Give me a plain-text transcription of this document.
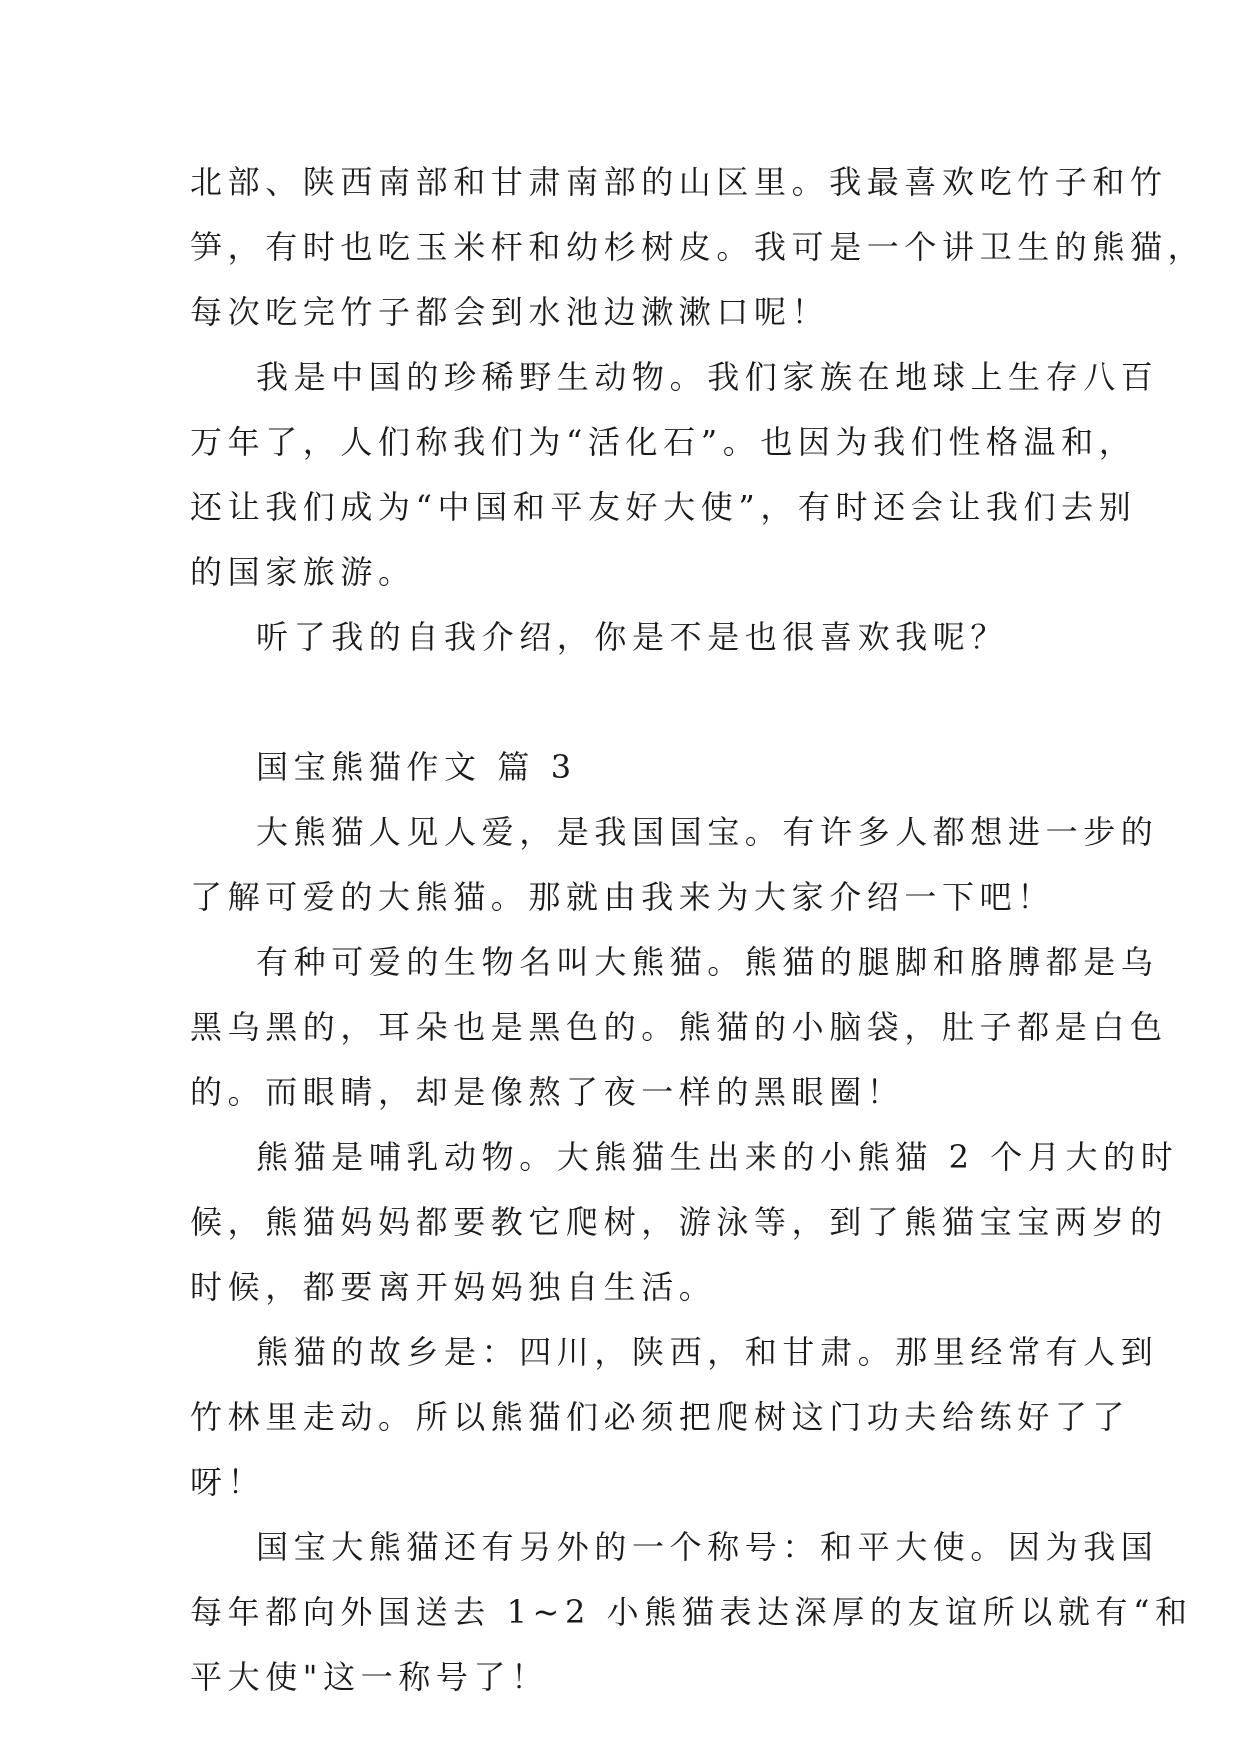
北部、陕西南部和甘肃南部的山区里。我最喜欢吃竹子和竹
笋，有时也吃玉米杆和幼杉树皮。我可是一个讲卫生的熊猫，
每次吃完竹子都会到水池边漱漱口呢！
我是中国的珍稀野生动物。我们家族在地球上生存八百
万年了，人们称我们为“活化石”。也因为我们性格温和，
还让我们成为“中国和平友好大使”，有时还会让我们去别
的国家旅游。
听了我的自我介绍，你是不是也很喜欢我呢？
国宝熊猫作文 篇 3
大熊猫人见人爱，是我国国宝。有许多人都想进一步的
了解可爱的大熊猫。那就由我来为大家介绍一下吧！
有种可爱的生物名叫大熊猫。熊猫的腿脚和胳膊都是乌
黑乌黑的，耳朵也是黑色的。熊猫的小脑袋，肚子都是白色
的。而眼睛，却是像熬了夜一样的黑眼圈！
熊猫是哺乳动物。大熊猫生出来的小熊猫 2 个月大的时
候，熊猫妈妈都要教它爬树，游泳等，到了熊猫宝宝两岁的
时候，都要离开妈妈独自生活。
熊猫的故乡是：四川，陕西，和甘肃。那里经常有人到
竹林里走动。所以熊猫们必须把爬树这门功夫给练好了了
呀！
国宝大熊猫还有另外的一个称号：和平大使。因为我国
每年都向外国送去 1~2 小熊猫表达深厚的友谊所以就有“和
平大使"这一称号了！
